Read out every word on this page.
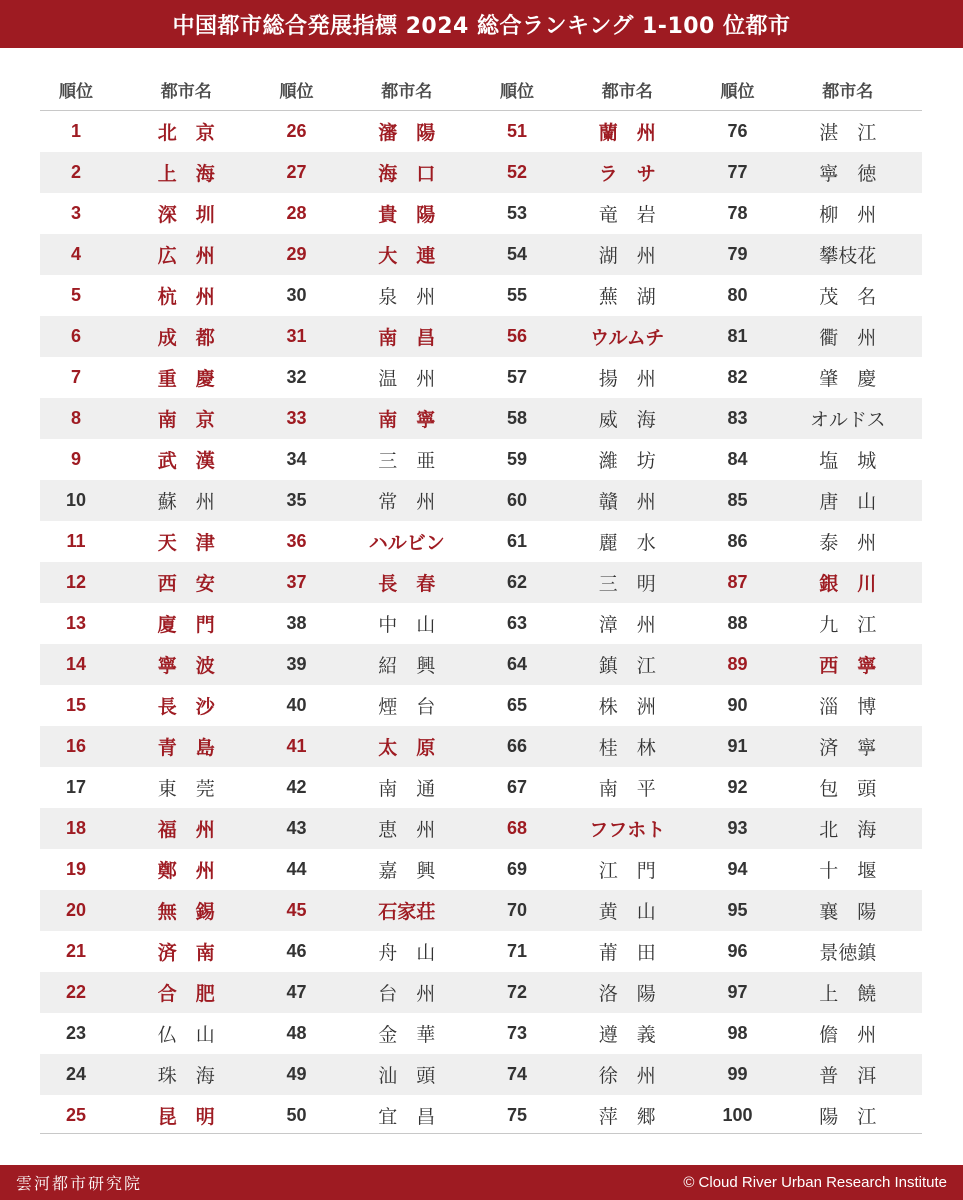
中国都市総合発展指標 2024 総合ランキング 1-100 位都市
順位	都市名	順位	都市名	順位	都市名	順位	都市名
1	北　京	26	瀋　陽	51	蘭　州	76	湛　江
2	上　海	27	海　口	52	ラ　サ	77	寧　徳
3	深　圳	28	貴　陽	53	竜　岩	78	柳　州
4	広　州	29	大　連	54	湖　州	79	攀枝花
5	杭　州	30	泉　州	55	蕪　湖	80	茂　名
6	成　都	31	南　昌	56	ウルムチ	81	衢　州
7	重　慶	32	温　州	57	揚　州	82	肇　慶
8	南　京	33	南　寧	58	威　海	83	オルドス
9	武　漢	34	三　亜	59	濰　坊	84	塩　城
10	蘇　州	35	常　州	60	贛　州	85	唐　山
11	天　津	36	ハルビン	61	麗　水	86	泰　州
12	西　安	37	長　春	62	三　明	87	銀　川
13	廈　門	38	中　山	63	漳　州	88	九　江
14	寧　波	39	紹　興	64	鎮　江	89	西　寧
15	長　沙	40	煙　台	65	株　洲	90	淄　博
16	青　島	41	太　原	66	桂　林	91	済　寧
17	東　莞	42	南　通	67	南　平	92	包　頭
18	福　州	43	恵　州	68	フフホト	93	北　海
19	鄭　州	44	嘉　興	69	江　門	94	十　堰
20	無　錫	45	石家荘	70	黄　山	95	襄　陽
21	済　南	46	舟　山	71	莆　田	96	景徳鎮
22	合　肥	47	台　州	72	洛　陽	97	上　饒
23	仏　山	48	金　華	73	遵　義	98	儋　州
24	珠　海	49	汕　頭	74	徐　州	99	普　洱
25	昆　明	50	宜　昌	75	萍　郷	100	陽　江
雲河都市研究院	© Cloud River Urban Research Institute
